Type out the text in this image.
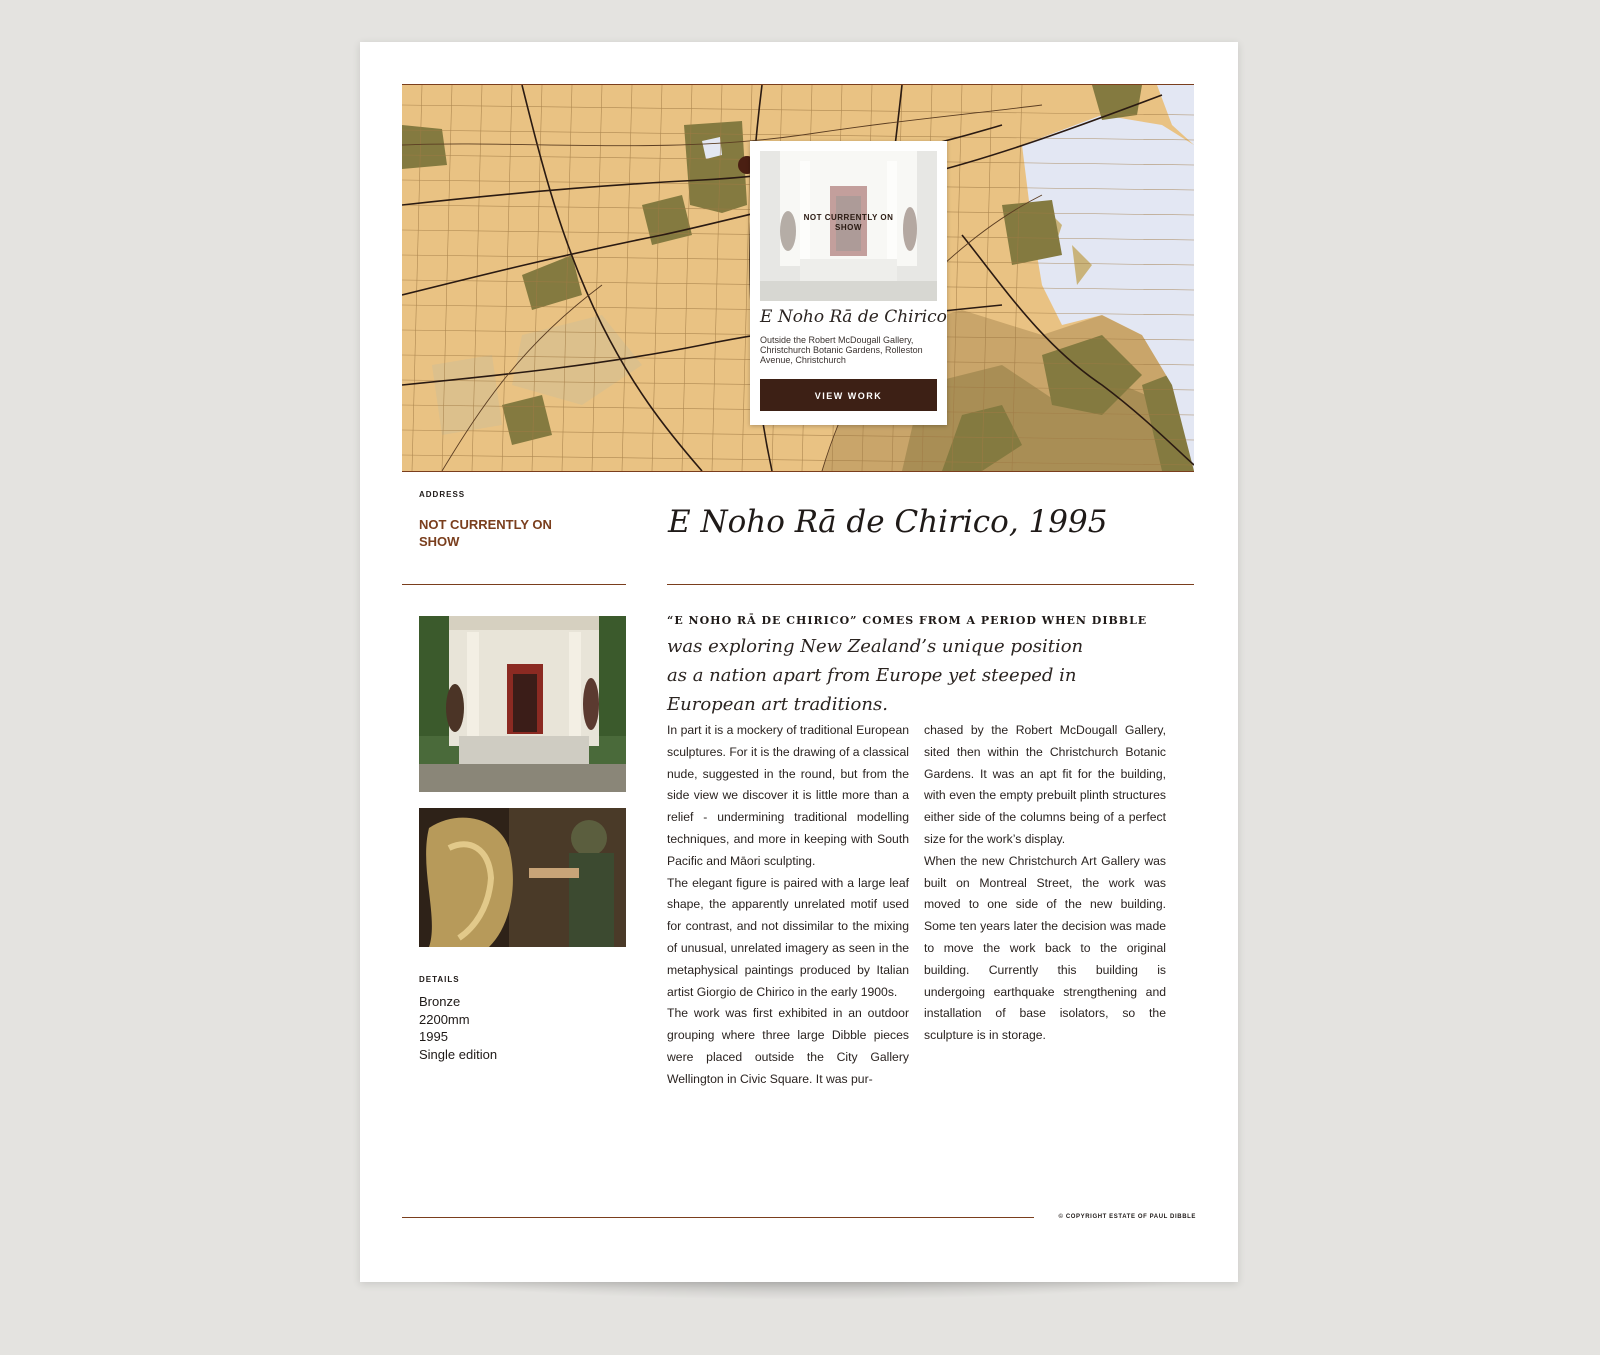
NOT CURRENTLY ON SHOW
E Noho Rā de Chirico
Outside the Robert McDougall Gallery, Christchurch Botanic Gardens, Rolleston Avenue, Christchurch
VIEW WORK
ADDRESS
NOT CURRENTLY ON SHOW
E Noho Rā de Chirico, 1995
DETAILS
Bronze
2200mm
1995
Single edition
“E NOHO RĀ DE CHIRICO” COMES FROM A PERIOD WHEN DIBBLE
was exploring New Zealand’s unique position as a nation apart from Europe yet steeped in European art traditions.

In part it is a mockery of traditional European sculptures. For it is the drawing of a classical nude, suggested in the round, but from the side view we discover it is little more than a relief - undermining traditional modelling techniques, and more in keeping with South Pacific and Māori sculpting.

The elegant figure is paired with a large leaf shape, the apparently unrelated motif used for contrast, and not dissimilar to the mixing of unusual, unrelated imagery as seen in the metaphysical paintings produced by Italian artist Giorgio de Chirico in the early 1900s.

The work was first exhibited in an outdoor grouping where three large Dibble pieces were placed outside the City Gallery Wellington in Civic Square. It was pur-

chased by the Robert McDougall Gallery, sited then within the Christchurch Botanic Gardens. It was an apt fit for the building, with even the empty prebuilt plinth structures either side of the columns being of a perfect size for the work’s display.

When the new Christchurch Art Gallery was built on Montreal Street, the work was moved to one side of the new building. Some ten years later the decision was made to move the work back to the original building. Currently this building is undergoing earthquake strengthening and installation of base isolators, so the sculpture is in storage.

© COPYRIGHT ESTATE OF PAUL DIBBLE
